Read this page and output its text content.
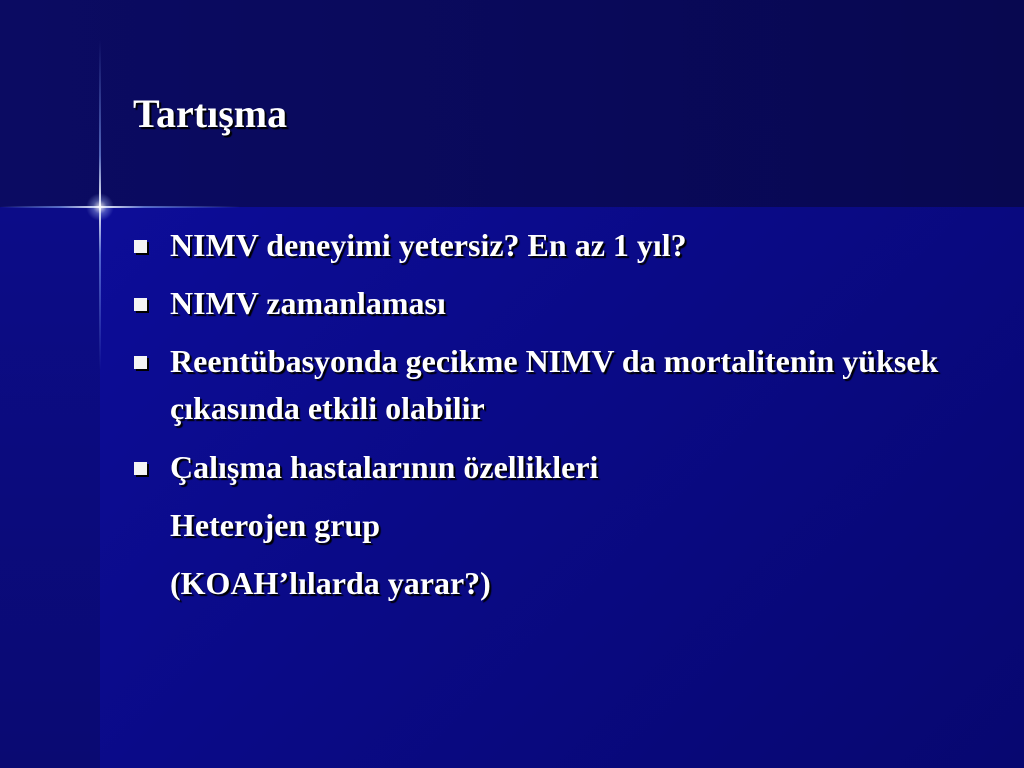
Tartışma
NIMV deneyimi yetersiz? En az 1 yıl?
NIMV zamanlaması
Reentübasyonda gecikme NIMV da mortalitenin yüksek çıkasında etkili olabilir
Çalışma hastalarının özellikleri
Heterojen grup
(KOAH’lılarda yarar?)
